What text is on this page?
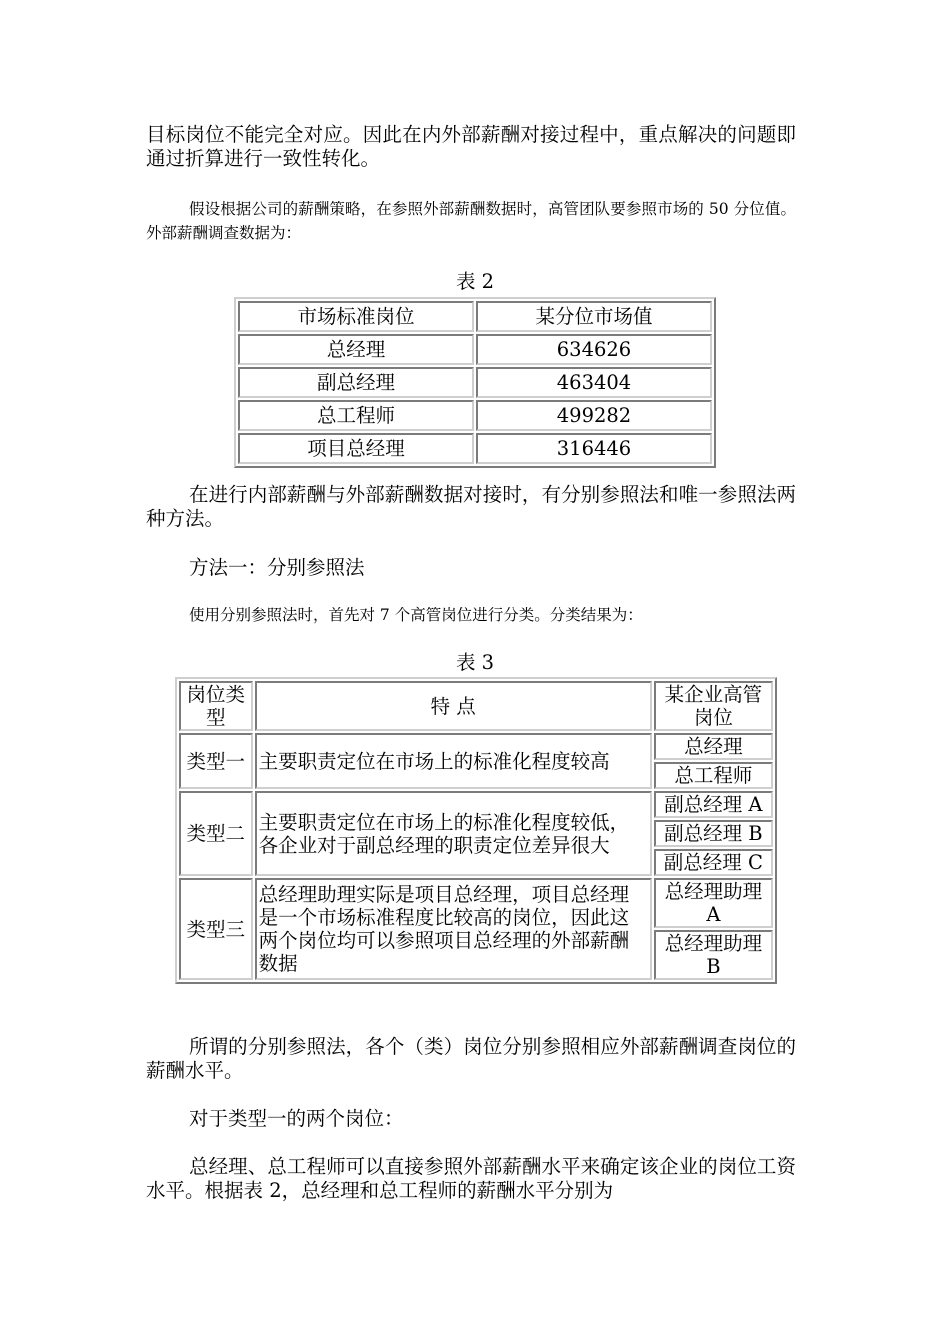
目标岗位不能完全对应。因此在内外部薪酬对接过程中，重点解决的问题即通过折算进行一致性转化。

假设根据公司的薪酬策略，在参照外部薪酬数据时，高管团队要参照市场的 50 分位值。外部薪酬调查数据为：

表 2

市场标准岗位	某分位市场值
总经理	634626
副总经理	463404
总工程师	499282
项目总经理	316446

在进行内部薪酬与外部薪酬数据对接时，有分别参照法和唯一参照法两种方法。

方法一：分别参照法

使用分别参照法时，首先对 7 个高管岗位进行分类。分类结果为：

表 3

岗位类型	特 点	某企业高管岗位
类型一	主要职责定位在市场上的标准化程度较高	总经理
		总工程师
类型二	主要职责定位在市场上的标准化程度较低，各企业对于副总经理的职责定位差异很大	副总经理 A
		副总经理 B
		副总经理 C
类型三	总经理助理实际是项目总经理，项目总经理是一个市场标准程度比较高的岗位，因此这两个岗位均可以参照项目总经理的外部薪酬数据	总经理助理 A
		总经理助理 B

所谓的分别参照法，各个（类）岗位分别参照相应外部薪酬调查岗位的薪酬水平。

对于类型一的两个岗位：

总经理、总工程师可以直接参照外部薪酬水平来确定该企业的岗位工资水平。根据表 2，总经理和总工程师的薪酬水平分别为
